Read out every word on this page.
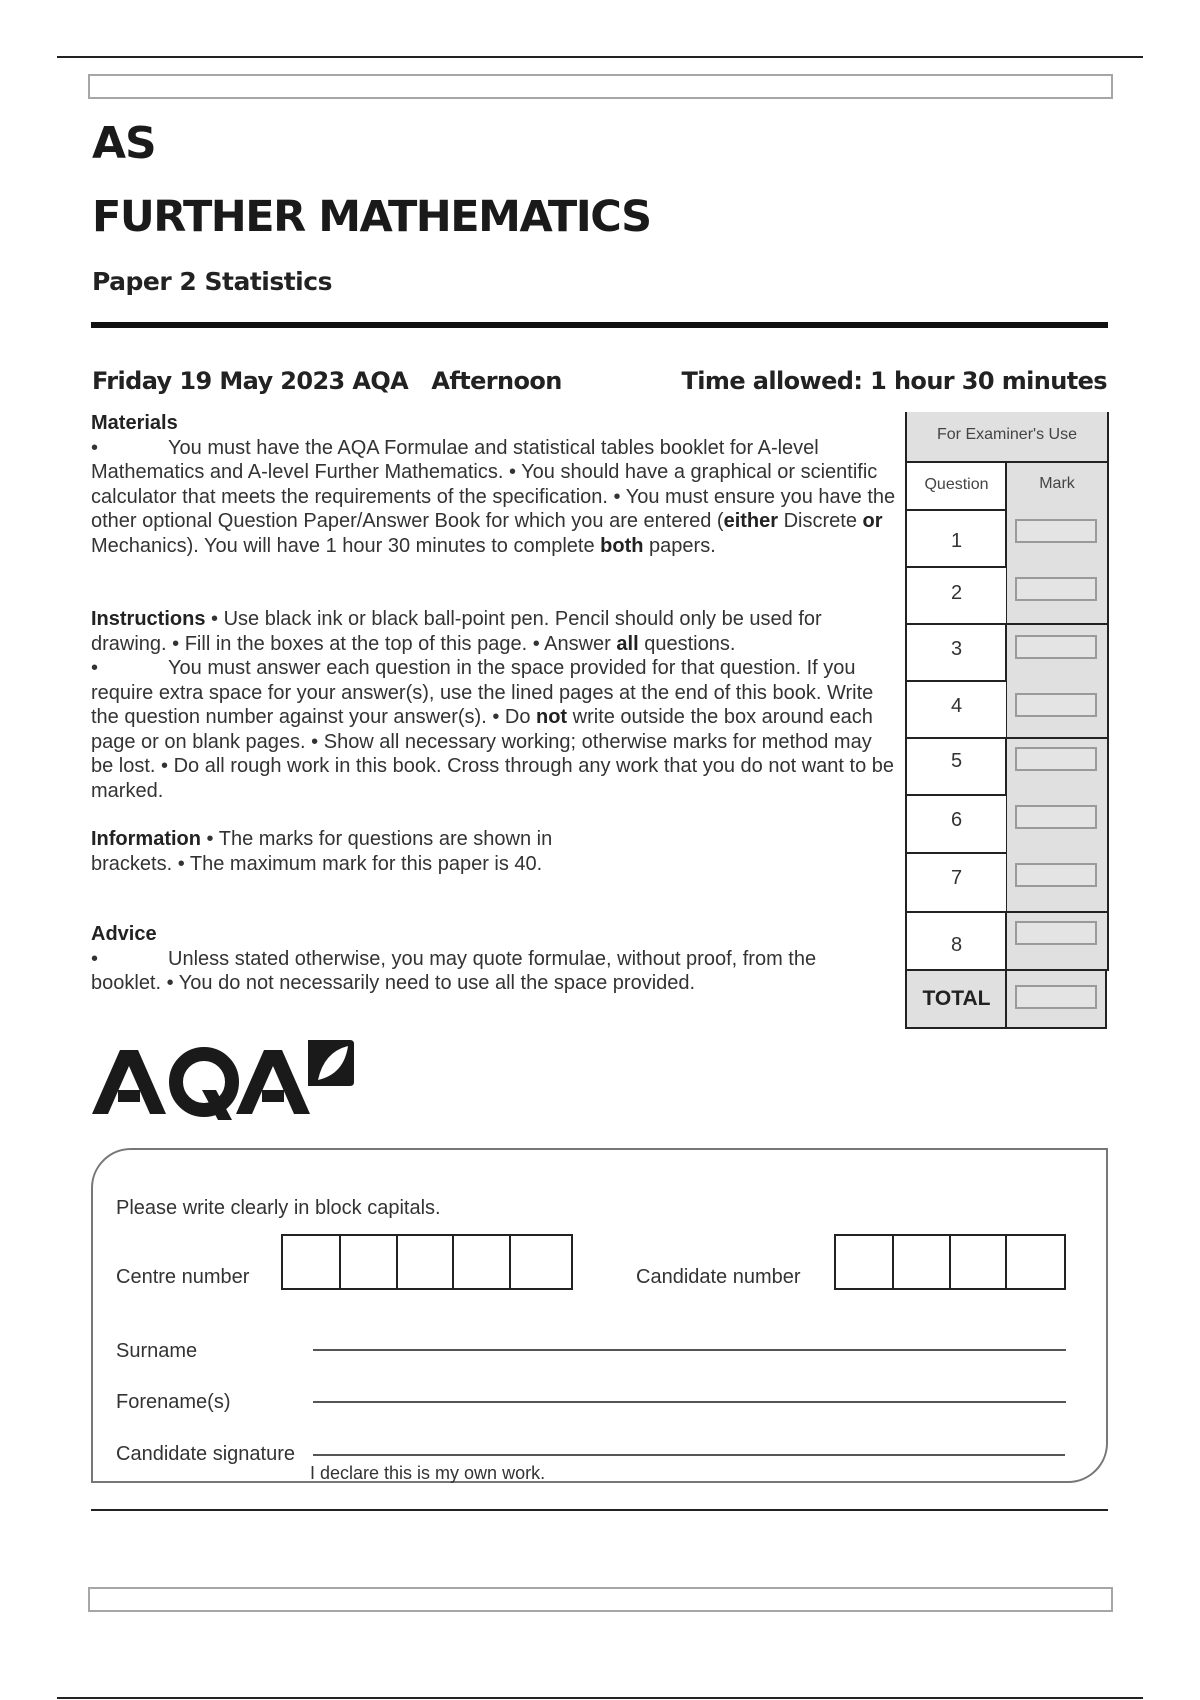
AS
FURTHER MATHEMATICS
Paper 2 Statistics
Friday 19 May 2023 AQA   Afternoon	Time allowed: 1 hour 30 minutes
Materials
•	You must have the AQA Formulae and statistical tables booklet for A-level Mathematics and A-level Further Mathematics. • You should have a graphical or scientific calculator that meets the requirements of the specification. • You must ensure you have the other optional Question Paper/Answer Book for which you are entered (either Discrete or Mechanics). You will have 1 hour 30 minutes to complete both papers.
Instructions • Use black ink or black ball-point pen. Pencil should only be used for drawing. • Fill in the boxes at the top of this page. • Answer all questions.
•	You must answer each question in the space provided for that question. If you require extra space for your answer(s), use the lined pages at the end of this book. Write the question number against your answer(s). • Do not write outside the box around each page or on blank pages. • Show all necessary working; otherwise marks for method may be lost. • Do all rough work in this book. Cross through any work that you do not want to be marked.
Information • The marks for questions are shown in brackets. • The maximum mark for this paper is 40.
Advice
•	Unless stated otherwise, you may quote formulae, without proof, from the booklet. • You do not necessarily need to use all the space provided.
For Examiner's Use
Question	Mark
1
2
3
4
5
6
7
8
TOTAL
Please write clearly in block capitals.
Centre number	Candidate number
Surname
Forename(s)
Candidate signature
I declare this is my own work.
